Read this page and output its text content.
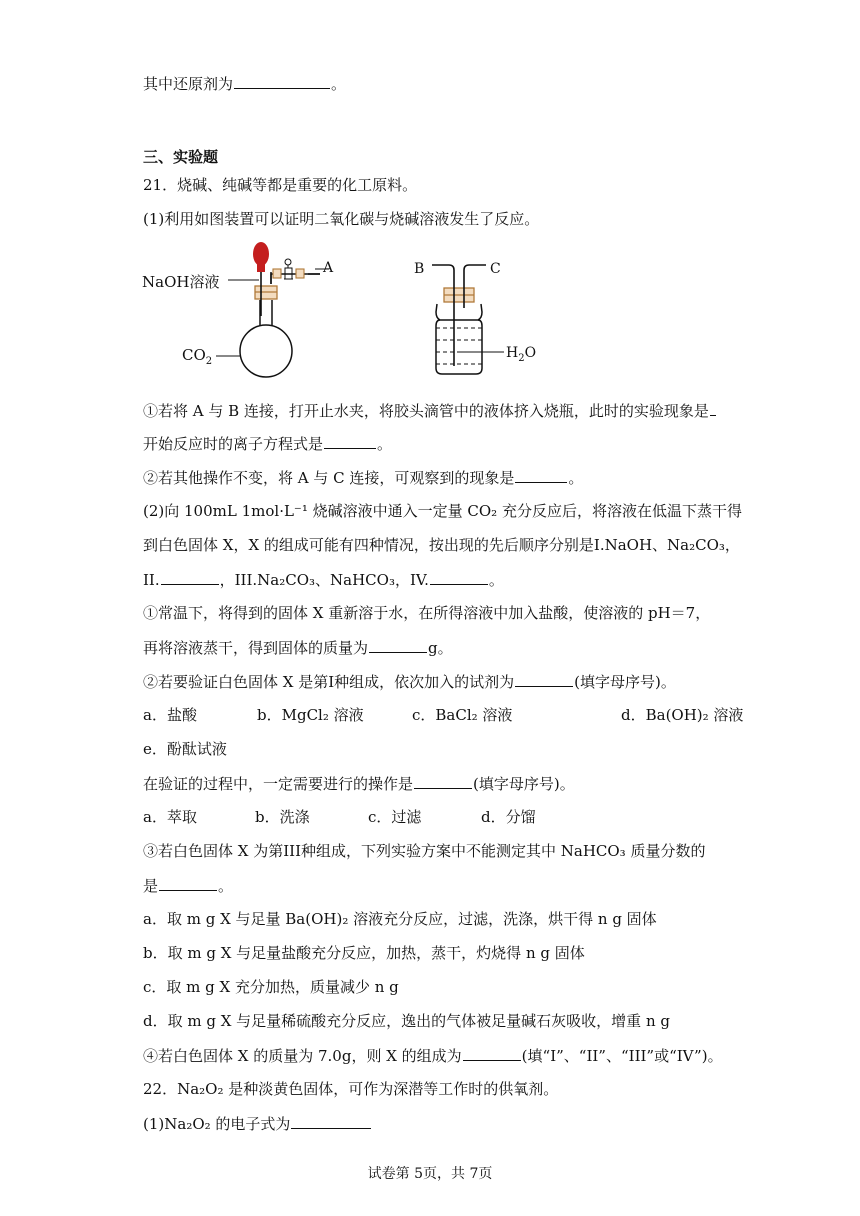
其中还原剂为	。
三、实验题
21．烧碱、纯碱等都是重要的化工原料。
(1)利用如图装置可以证明二氧化碳与烧碱溶液发生了反应。
NaOH溶液
A
$CO_2$
B	C
$H_2O$
①若将 A 与 B 连接，打开止水夹，将胶头滴管中的液体挤入烧瓶，此时的实验现象是
开始反应时的离子方程式是	。
②若其他操作不变，将 A 与 C 连接，可观察到的现象是	。
(2)向 100mL 1mol·L⁻¹ 烧碱溶液中通入一定量 CO₂ 充分反应后，将溶液在低温下蒸干得
到白色固体 X，X 的组成可能有四种情况，按出现的先后顺序分别是I.NaOH、Na₂CO₃，
II.	，III.Na₂CO₃、NaHCO₃，IV.	。
①常温下，将得到的固体 X 重新溶于水，在所得溶液中加入盐酸，使溶液的 pH＝7，
再将溶液蒸干，得到固体的质量为	g。
②若要验证白色固体 X 是第I种组成，依次加入的试剂为	(填字母序号)。
a．盐酸	b．MgCl₂ 溶液	c．BaCl₂ 溶液	d．Ba(OH)₂ 溶液
e．酚酞试液
在验证的过程中，一定需要进行的操作是	(填字母序号)。
a．萃取	b．洗涤	c．过滤	d．分馏
③若白色固体 X 为第III种组成，下列实验方案中不能测定其中 NaHCO₃ 质量分数的
是	。
a．取 m g X 与足量 Ba(OH)₂ 溶液充分反应，过滤，洗涤，烘干得 n g 固体
b．取 m g X 与足量盐酸充分反应，加热，蒸干，灼烧得 n g 固体
c．取 m g X 充分加热，质量减少 n g
d．取 m g X 与足量稀硫酸充分反应，逸出的气体被足量碱石灰吸收，增重 n g
④若白色固体 X 的质量为 7.0g，则 X 的组成为	(填“I”、“II”、“III”或“IV”)。
22．Na₂O₂ 是种淡黄色固体，可作为深潜等工作时的供氧剂。
(1)Na₂O₂ 的电子式为
试卷第 5页，共 7页
